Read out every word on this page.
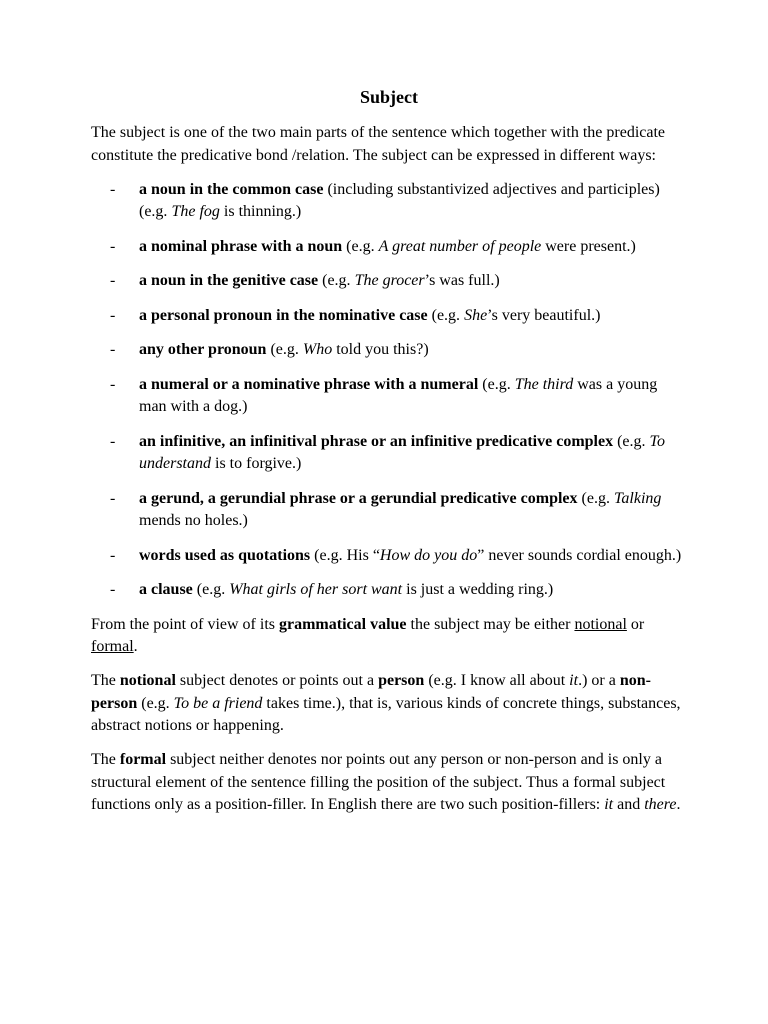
Subject

The subject is one of the two main parts of the sentence which together with the predicate constitute the predicative bond /relation. The subject can be expressed in different ways:

- a noun in the common case (including substantivized adjectives and participles) (e.g. The fog is thinning.)
- a nominal phrase with a noun (e.g. A great number of people were present.)
- a noun in the genitive case (e.g. The grocer’s was full.)
- a personal pronoun in the nominative case (e.g. She’s very beautiful.)
- any other pronoun (e.g. Who told you this?)
- a numeral or a nominative phrase with a numeral (e.g. The third was a young man with a dog.)
- an infinitive, an infinitival phrase or an infinitive predicative complex (e.g. To understand is to forgive.)
- a gerund, a gerundial phrase or a gerundial predicative complex (e.g. Talking mends no holes.)
- words used as quotations (e.g. His “How do you do” never sounds cordial enough.)
- a clause (e.g. What girls of her sort want is just a wedding ring.)

From the point of view of its grammatical value the subject may be either notional or formal.

The notional subject denotes or points out a person (e.g. I know all about it.) or a non-person (e.g. To be a friend takes time.), that is, various kinds of concrete things, substances, abstract notions or happening.

The formal subject neither denotes nor points out any person or non-person and is only a structural element of the sentence filling the position of the subject. Thus a formal subject functions only as a position-filler. In English there are two such position-fillers: it and there.
